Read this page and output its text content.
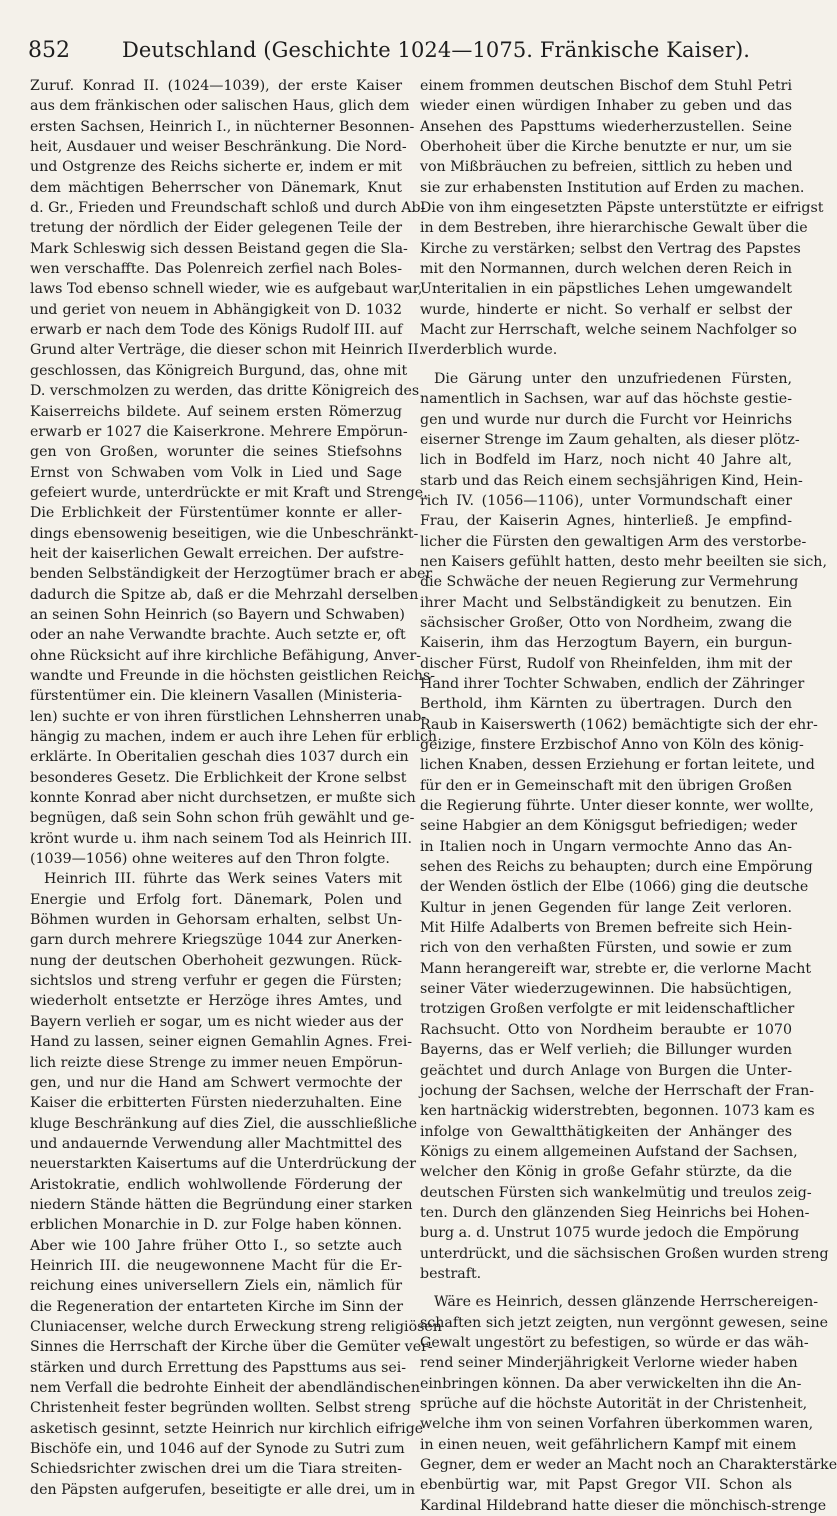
852	Deutschland (Geschichte 1024—1075. Fränkische Kaiser).
Zuruf. Konrad II. (1024—1039), der erste Kaiser
aus dem fränkischen oder salischen Haus, glich dem
ersten Sachsen, Heinrich I., in nüchterner Besonnen-
heit, Ausdauer und weiser Beschränkung. Die Nord-
und Ostgrenze des Reichs sicherte er, indem er mit
dem mächtigen Beherrscher von Dänemark, Knut
d. Gr., Frieden und Freundschaft schloß und durch Ab-
tretung der nördlich der Eider gelegenen Teile der
Mark Schleswig sich dessen Beistand gegen die Sla-
wen verschaffte. Das Polenreich zerfiel nach Boles-
laws Tod ebenso schnell wieder, wie es aufgebaut war,
und geriet von neuem in Abhängigkeit von D. 1032
erwarb er nach dem Tode des Königs Rudolf III. auf
Grund alter Verträge, die dieser schon mit Heinrich II.
geschlossen, das Königreich Burgund, das, ohne mit
D. verschmolzen zu werden, das dritte Königreich des
Kaiserreichs bildete. Auf seinem ersten Römerzug
erwarb er 1027 die Kaiserkrone. Mehrere Empörun-
gen von Großen, worunter die seines Stiefsohns
Ernst von Schwaben vom Volk in Lied und Sage
gefeiert wurde, unterdrückte er mit Kraft und Strenge.
Die Erblichkeit der Fürstentümer konnte er aller-
dings ebensowenig beseitigen, wie die Unbeschränkt-
heit der kaiserlichen Gewalt erreichen. Der aufstre-
benden Selbständigkeit der Herzogtümer brach er aber
dadurch die Spitze ab, daß er die Mehrzahl derselben
an seinen Sohn Heinrich (so Bayern und Schwaben)
oder an nahe Verwandte brachte. Auch setzte er, oft
ohne Rücksicht auf ihre kirchliche Befähigung, Anver-
wandte und Freunde in die höchsten geistlichen Reichs-
fürstentümer ein. Die kleinern Vasallen (Ministeria-
len) suchte er von ihren fürstlichen Lehnsherren unab-
hängig zu machen, indem er auch ihre Lehen für erblich
erklärte. In Oberitalien geschah dies 1037 durch ein
besonderes Gesetz. Die Erblichkeit der Krone selbst
konnte Konrad aber nicht durchsetzen, er mußte sich
begnügen, daß sein Sohn schon früh gewählt und ge-
krönt wurde u. ihm nach seinem Tod als Heinrich III.
(1039—1056) ohne weiteres auf den Thron folgte.
Heinrich III. führte das Werk seines Vaters mit
Energie und Erfolg fort. Dänemark, Polen und
Böhmen wurden in Gehorsam erhalten, selbst Un-
garn durch mehrere Kriegszüge 1044 zur Anerken-
nung der deutschen Oberhoheit gezwungen. Rück-
sichtslos und streng verfuhr er gegen die Fürsten;
wiederholt entsetzte er Herzöge ihres Amtes, und
Bayern verlieh er sogar, um es nicht wieder aus der
Hand zu lassen, seiner eignen Gemahlin Agnes. Frei-
lich reizte diese Strenge zu immer neuen Empörun-
gen, und nur die Hand am Schwert vermochte der
Kaiser die erbitterten Fürsten niederzuhalten. Eine
kluge Beschränkung auf dies Ziel, die ausschließliche
und andauernde Verwendung aller Machtmittel des
neuerstarkten Kaisertums auf die Unterdrückung der
Aristokratie, endlich wohlwollende Förderung der
niedern Stände hätten die Begründung einer starken
erblichen Monarchie in D. zur Folge haben können.
Aber wie 100 Jahre früher Otto I., so setzte auch
Heinrich III. die neugewonnene Macht für die Er-
reichung eines universellern Ziels ein, nämlich für
die Regeneration der entarteten Kirche im Sinn der
Cluniacenser, welche durch Erweckung streng religiösen
Sinnes die Herrschaft der Kirche über die Gemüter ver-
stärken und durch Errettung des Papsttums aus sei-
nem Verfall die bedrohte Einheit der abendländischen
Christenheit fester begründen wollten. Selbst streng
asketisch gesinnt, setzte Heinrich nur kirchlich eifrige
Bischöfe ein, und 1046 auf der Synode zu Sutri zum
Schiedsrichter zwischen drei um die Tiara streiten-
den Päpsten aufgerufen, beseitigte er alle drei, um in
einem frommen deutschen Bischof dem Stuhl Petri
wieder einen würdigen Inhaber zu geben und das
Ansehen des Papsttums wiederherzustellen. Seine
Oberhoheit über die Kirche benutzte er nur, um sie
von Mißbräuchen zu befreien, sittlich zu heben und
sie zur erhabensten Institution auf Erden zu machen.
Die von ihm eingesetzten Päpste unterstützte er eifrigst
in dem Bestreben, ihre hierarchische Gewalt über die
Kirche zu verstärken; selbst den Vertrag des Papstes
mit den Normannen, durch welchen deren Reich in
Unteritalien in ein päpstliches Lehen umgewandelt
wurde, hinderte er nicht. So verhalf er selbst der
Macht zur Herrschaft, welche seinem Nachfolger so
verderblich wurde.
Die Gärung unter den unzufriedenen Fürsten,
namentlich in Sachsen, war auf das höchste gestie-
gen und wurde nur durch die Furcht vor Heinrichs
eiserner Strenge im Zaum gehalten, als dieser plötz-
lich in Bodfeld im Harz, noch nicht 40 Jahre alt,
starb und das Reich einem sechsjährigen Kind, Hein-
rich IV. (1056—1106), unter Vormundschaft einer
Frau, der Kaiserin Agnes, hinterließ. Je empfind-
licher die Fürsten den gewaltigen Arm des verstorbe-
nen Kaisers gefühlt hatten, desto mehr beeilten sie sich,
die Schwäche der neuen Regierung zur Vermehrung
ihrer Macht und Selbständigkeit zu benutzen. Ein
sächsischer Großer, Otto von Nordheim, zwang die
Kaiserin, ihm das Herzogtum Bayern, ein burgun-
discher Fürst, Rudolf von Rheinfelden, ihm mit der
Hand ihrer Tochter Schwaben, endlich der Zähringer
Berthold, ihm Kärnten zu übertragen. Durch den
Raub in Kaiserswerth (1062) bemächtigte sich der ehr-
geizige, finstere Erzbischof Anno von Köln des könig-
lichen Knaben, dessen Erziehung er fortan leitete, und
für den er in Gemeinschaft mit den übrigen Großen
die Regierung führte. Unter dieser konnte, wer wollte,
seine Habgier an dem Königsgut befriedigen; weder
in Italien noch in Ungarn vermochte Anno das An-
sehen des Reichs zu behaupten; durch eine Empörung
der Wenden östlich der Elbe (1066) ging die deutsche
Kultur in jenen Gegenden für lange Zeit verloren.
Mit Hilfe Adalberts von Bremen befreite sich Hein-
rich von den verhaßten Fürsten, und sowie er zum
Mann herangereift war, strebte er, die verlorne Macht
seiner Väter wiederzugewinnen. Die habsüchtigen,
trotzigen Großen verfolgte er mit leidenschaftlicher
Rachsucht. Otto von Nordheim beraubte er 1070
Bayerns, das er Welf verlieh; die Billunger wurden
geächtet und durch Anlage von Burgen die Unter-
jochung der Sachsen, welche der Herrschaft der Fran-
ken hartnäckig widerstrebten, begonnen. 1073 kam es
infolge von Gewaltthätigkeiten der Anhänger des
Königs zu einem allgemeinen Aufstand der Sachsen,
welcher den König in große Gefahr stürzte, da die
deutschen Fürsten sich wankelmütig und treulos zeig-
ten. Durch den glänzenden Sieg Heinrichs bei Hohen-
burg a. d. Unstrut 1075 wurde jedoch die Empörung
unterdrückt, und die sächsischen Großen wurden streng
bestraft.
Wäre es Heinrich, dessen glänzende Herrschereigen-
schaften sich jetzt zeigten, nun vergönnt gewesen, seine
Gewalt ungestört zu befestigen, so würde er das wäh-
rend seiner Minderjährigkeit Verlorne wieder haben
einbringen können. Da aber verwickelten ihn die An-
sprüche auf die höchste Autorität in der Christenheit,
welche ihm von seinen Vorfahren überkommen waren,
in einen neuen, weit gefährlichern Kampf mit einem
Gegner, dem er weder an Macht noch an Charakterstärke
ebenbürtig war, mit Papst Gregor VII. Schon als
Kardinal Hildebrand hatte dieser die mönchisch-strenge
